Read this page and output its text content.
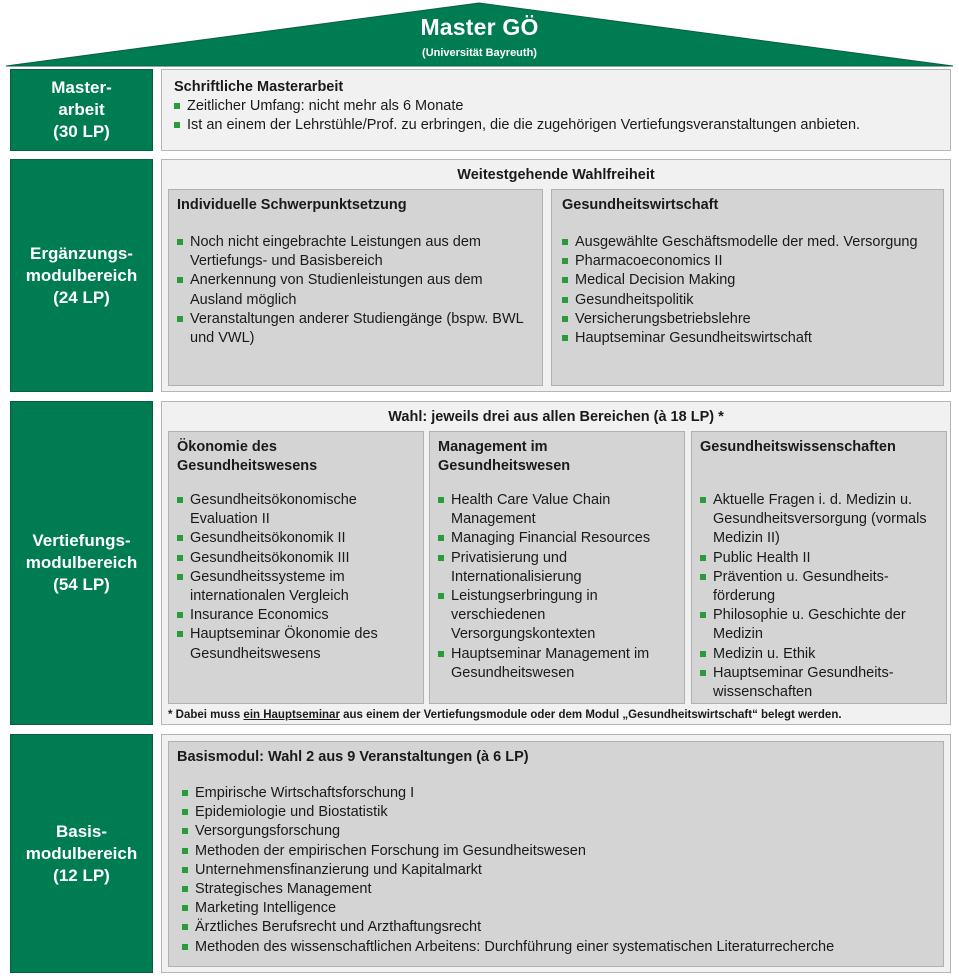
Master GÖ
(Universität Bayreuth)
Master-
arbeit
(30 LP)
Schriftliche Masterarbeit
Zeitlicher Umfang: nicht mehr als 6 Monate
Ist an einem der Lehrstühle/Prof. zu erbringen, die die zugehörigen Vertiefungsveranstaltungen anbieten.
Ergänzungs-
modulbereich
(24 LP)
Weitestgehende Wahlfreiheit
Individuelle Schwerpunktsetzung
Noch nicht eingebrachte Leistungen aus dem Vertiefungs- und Basisbereich
Anerkennung von Studienleistungen aus dem Ausland möglich
Veranstaltungen anderer Studiengänge (bspw. BWL und VWL)
Gesundheitswirtschaft
Ausgewählte Geschäftsmodelle der med. Versorgung
Pharmacoeconomics II
Medical Decision Making
Gesundheitspolitik
Versicherungsbetriebslehre
Hauptseminar Gesundheitswirtschaft
Vertiefungs-
modulbereich
(54 LP)
Wahl: jeweils drei aus allen Bereichen (à 18 LP) *
Ökonomie des Gesundheitswesens
Gesundheitsökonomische Evaluation II
Gesundheitsökonomik II
Gesundheitsökonomik III
Gesundheitssysteme im internationalen Vergleich
Insurance Economics
Hauptseminar Ökonomie des Gesundheitswesens
Management im Gesundheitswesen
Health Care Value Chain Management
Managing Financial Resources
Privatisierung und Internationalisierung
Leistungserbringung in verschiedenen Versorgungskontexten
Hauptseminar Management im Gesundheitswesen
Gesundheitswissenschaften
Aktuelle Fragen i. d. Medizin u. Gesundheitsversorgung (vormals Medizin II)
Public Health II
Prävention u. Gesundheits-förderung
Philosophie u. Geschichte der Medizin
Medizin u. Ethik
Hauptseminar Gesundheits-wissenschaften
* Dabei muss ein Hauptseminar aus einem der Vertiefungsmodule oder dem Modul „Gesundheitswirtschaft“ belegt werden.
Basis-
modulbereich
(12 LP)
Basismodul: Wahl 2 aus 9 Veranstaltungen (à 6 LP)
Empirische Wirtschaftsforschung I
Epidemiologie und Biostatistik
Versorgungsforschung
Methoden der empirischen Forschung im Gesundheitswesen
Unternehmensfinanzierung und Kapitalmarkt
Strategisches Management
Marketing Intelligence
Ärztliches Berufsrecht und Arzthaftungsrecht
Methoden des wissenschaftlichen Arbeitens: Durchführung einer systematischen Literaturrecherche
